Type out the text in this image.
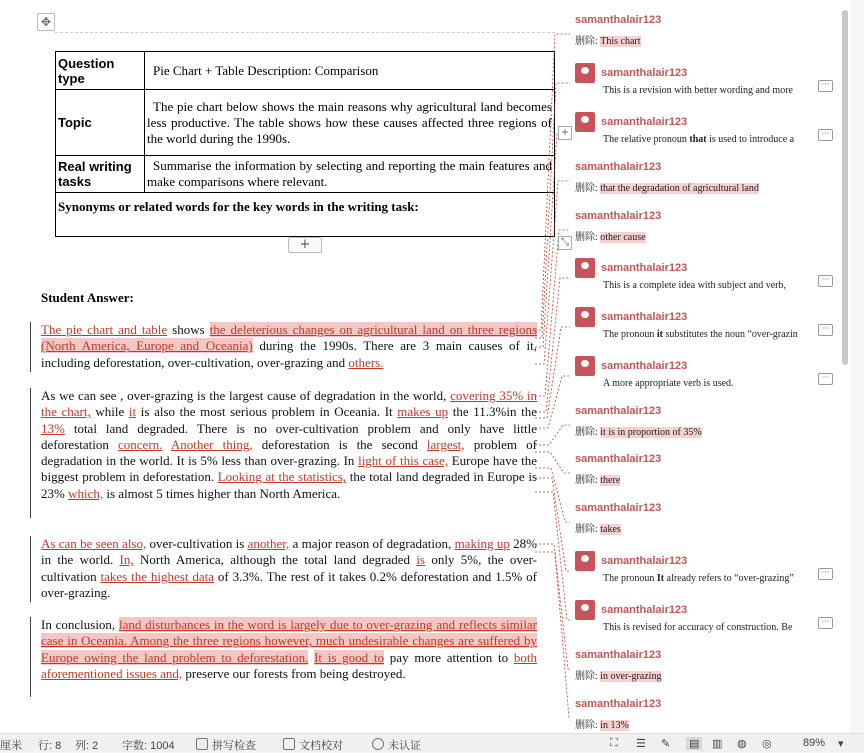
✥
Question type	Pie Chart + Table Description: Comparison
Topic	The pie chart below shows the main reasons why agricultural land becomes less productive. The table shows how these causes affected three regions of the world during the 1990s.
Real writing tasks	Summarise the information by selecting and reporting the main features and make comparisons where relevant.
Synonyms or related words for the key words in the writing task:	
+
Student Answer:
The pie chart and table shows the deleterious changes on agricultural land on three regions (North America, Europe and Oceania) during the 1990s. There are 3 main causes of it, including deforestation, over-cultivation, over-grazing and others.
As we can see , over-grazing is the largest cause of degradation in the world, covering 35% in the chart, while it is also the most serious problem in Oceania. It makes up the 11.3%in the 13% total land degraded. There is no over-cultivation problem and only have little deforestation concern. Another thing, deforestation is the second largest, problem of degradation in the world. It is 5% less than over-grazing. In light of this case, Europe have the biggest problem in deforestation. Looking at the statistics, the total land degraded in Europe is 23% which, is almost 5 times higher than North America.
As can be seen also, over-cultivation is another, a major reason of degradation, making up 28% in the world. In, North America, although the total land degraded is only 5%, the over-cultivation takes the highest data of 3.3%. The rest of it takes 0.2% deforestation and 1.5% of over-grazing.
In conclusion, land disturbances in the word is largely due to over-grazing and reflects similar case in Oceania. Among the three regions however, much undesirable changes are suffered by Europe owing the land problem to deforestation. It is good to pay more attention to both aforementioned issues and, preserve our forests from being destroyed.
+
⤡
samanthalair123
删除: This chart
samanthalair123
This is a revision with better wording and more
···
samanthalair123
The relative pronoun that is used to introduce a
···
samanthalair123
删除: that the degradation of agricultural land
samanthalair123
删除: other cause
samanthalair123
This is a complete idea with subject and verb,
···
samanthalair123
The pronoun it substitutes the noun “over-grazin
···
samanthalair123
A more appropriate verb is used.
···
samanthalair123
删除: it is in proportion of 35%
samanthalair123
删除: there
samanthalair123
删除: takes
samanthalair123
The pronoun It already refers to “over-grazing”
···
samanthalair123
This is revised for accuracy of construction. Be
···
samanthalair123
删除: in over-grazing
samanthalair123
删除: in 13%
厘米 行: 8 列: 2 字数: 1004	拼写检查	文档校对	未认证	⛶ ☰ ✎ ▤ ▥ ◍ ◎	89% ▾
